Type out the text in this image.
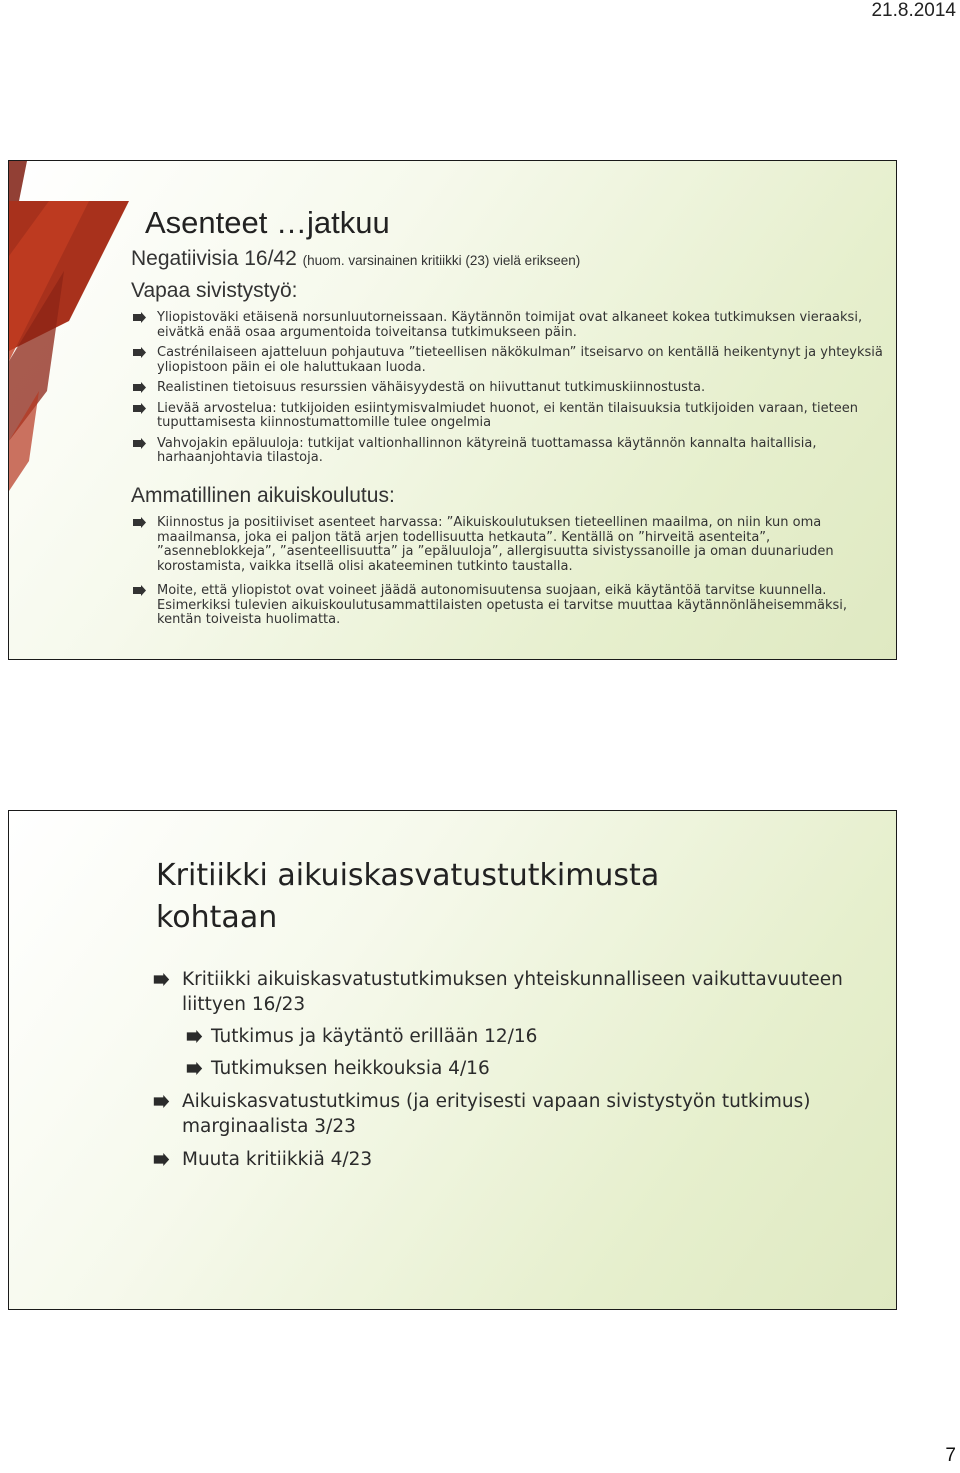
21.8.2014
Asenteet …jatkuu
Negatiivisia 16/42 (huom. varsinainen kritiikki (23) vielä erikseen)
Vapaa sivistystyö:
Yliopistoväki etäisenä norsunluutorneissaan. Käytännön toimijat ovat alkaneet kokea tutkimuksen vieraaksi, eivätkä enää osaa argumentoida toiveitansa tutkimukseen päin.
Castrénilaiseen ajatteluun pohjautuva ”tieteellisen näkökulman” itseisarvo on kentällä heikentynyt ja yhteyksiä yliopistoon päin ei ole haluttukaan luoda.
Realistinen tietoisuus resurssien vähäisyydestä on hiivuttanut tutkimuskiinnostusta.
Lievää arvostelua: tutkijoiden esiintymisvalmiudet huonot, ei kentän tilaisuuksia tutkijoiden varaan, tieteen tuputtamisesta kiinnostumattomille tulee ongelmia
Vahvojakin epäluuloja: tutkijat valtionhallinnon kätyreinä tuottamassa käytännön kannalta haitallisia, harhaanjohtavia tilastoja.
Ammatillinen aikuiskoulutus:
Kiinnostus ja positiiviset asenteet harvassa: ”Aikuiskoulutuksen tieteellinen maailma, on niin kun oma maailmansa, joka ei paljon tätä arjen todellisuutta hetkauta”. Kentällä on ”hirveitä asenteita”, ”asenneblokkeja”, ”asenteellisuutta” ja ”epäluuloja”, allergisuutta sivistyssanoille ja oman duunariuden korostamista, vaikka itsellä olisi akateeminen tutkinto taustalla.
Moite, että yliopistot ovat voineet jäädä autonomisuutensa suojaan, eikä käytäntöä tarvitse kuunnella. Esimerkiksi tulevien aikuiskoulutusammattilaisten opetusta ei tarvitse muuttaa käytännönläheisemmäksi, kentän toiveista huolimatta.
Kritiikki aikuiskasvatustutkimusta kohtaan
Kritiikki aikuiskasvatustutkimuksen yhteiskunnalliseen vaikuttavuuteen liittyen 16/23
Tutkimus ja käytäntö erillään 12/16
Tutkimuksen heikkouksia 4/16
Aikuiskasvatustutkimus (ja erityisesti vapaan sivistystyön tutkimus) marginaalista 3/23
Muuta kritiikkiä 4/23
7
